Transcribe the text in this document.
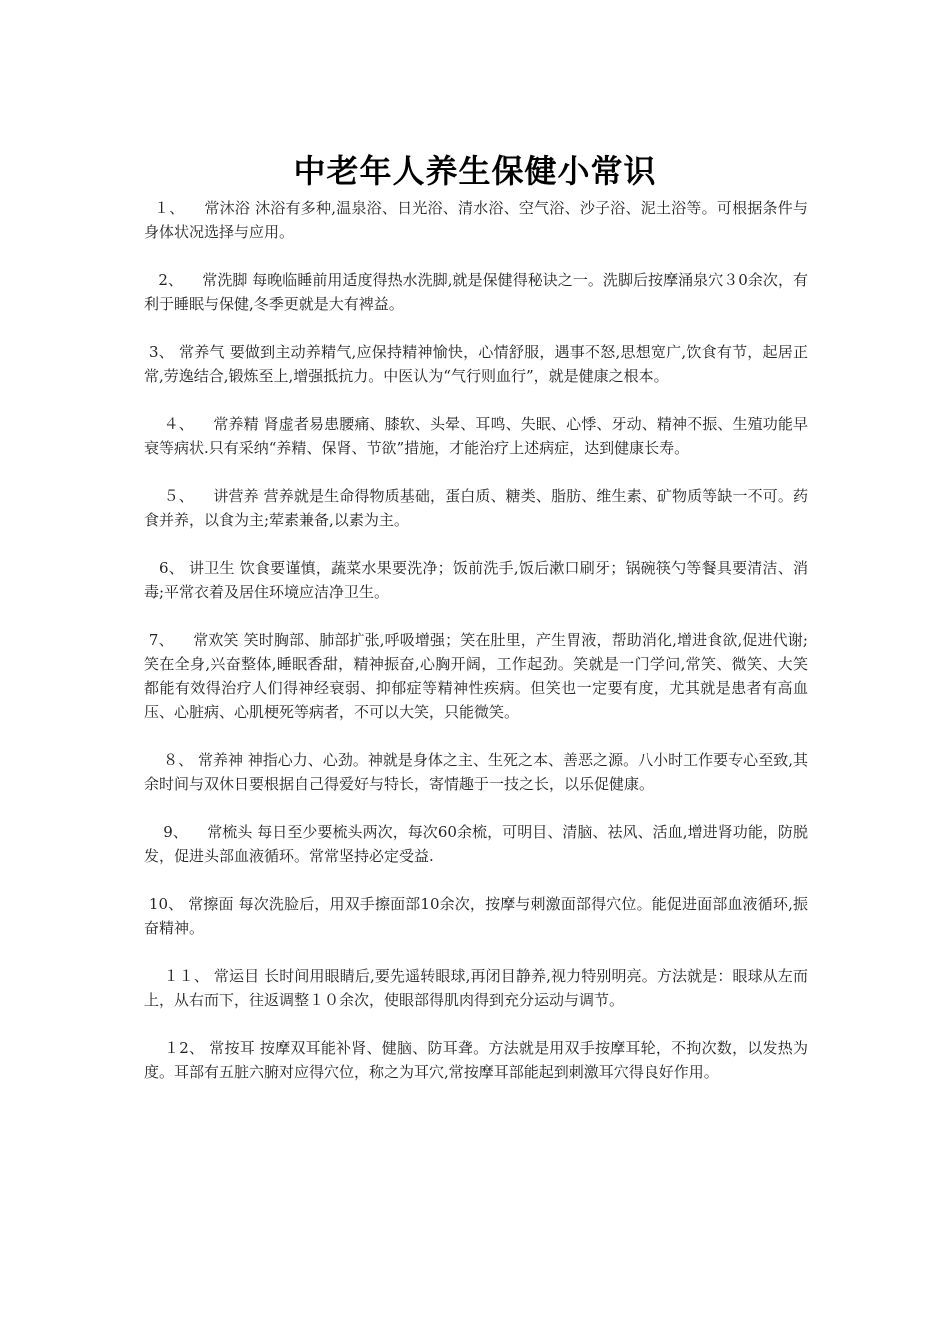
中老年人养生保健小常识

１、    常沐浴 沐浴有多种,温泉浴、日光浴、清水浴、空气浴、沙子浴、泥土浴等。可根据条件与身体状况选择与应用。

2、    常洗脚 每晚临睡前用适度得热水洗脚,就是保健得秘诀之一。洗脚后按摩涌泉穴３0余次，有利于睡眠与保健,冬季更就是大有裨益。

3、 常养气 要做到主动养精气,应保持精神愉快，心情舒服，遇事不怒,思想宽广,饮食有节，起居正常,劳逸结合,锻炼至上,增强抵抗力。中医认为“气行则血行”，就是健康之根本。

４、    常养精 肾虚者易患腰痛、膝软、头晕、耳鸣、失眠、心悸、牙动、精神不振、生殖功能早衰等病状.只有采纳“养精、保肾、节欲”措施，才能治疗上述病症，达到健康长寿。

５、    讲营养 营养就是生命得物质基础，蛋白质、糖类、脂肪、维生素、矿物质等缺一不可。药食并养，以食为主;荤素兼备,以素为主。

6、 讲卫生 饮食要谨慎，蔬菜水果要洗净；饭前洗手,饭后漱口刷牙；锅碗筷勺等餐具要清洁、消毒;平常衣着及居住环境应洁净卫生。

7、    常欢笑 笑时胸部、肺部扩张,呼吸增强；笑在肚里，产生胃液，帮助消化,增进食欲,促进代谢;笑在全身,兴奋整体,睡眠香甜，精神振奋,心胸开阔，工作起劲。笑就是一门学问,常笑、微笑、大笑都能有效得治疗人们得神经衰弱、抑郁症等精神性疾病。但笑也一定要有度，尤其就是患者有高血压、心脏病、心肌梗死等病者，不可以大笑，只能微笑。

８、 常养神 神指心力、心劲。神就是身体之主、生死之本、善恶之源。八小时工作要专心至致,其余时间与双休日要根据自己得爱好与特长，寄情趣于一技之长，以乐促健康。

9、    常梳头 每日至少要梳头两次，每次60余梳，可明目、清脑、祛风、活血,增进肾功能，防脱发，促进头部血液循环。常常坚持必定受益.

10、 常擦面 每次洗脸后，用双手擦面部10余次，按摩与刺激面部得穴位。能促进面部血液循环,振奋精神。

１１、 常运目 长时间用眼睛后,要先遥转眼球,再闭目静养,视力特别明亮。方法就是：眼球从左而上，从右而下，往返调整１０余次，使眼部得肌肉得到充分运动与调节。

１2、 常按耳 按摩双耳能补肾、健脑、防耳聋。方法就是用双手按摩耳轮，不拘次数，以发热为度。耳部有五脏六腑对应得穴位，称之为耳穴,常按摩耳部能起到刺激耳穴得良好作用。
